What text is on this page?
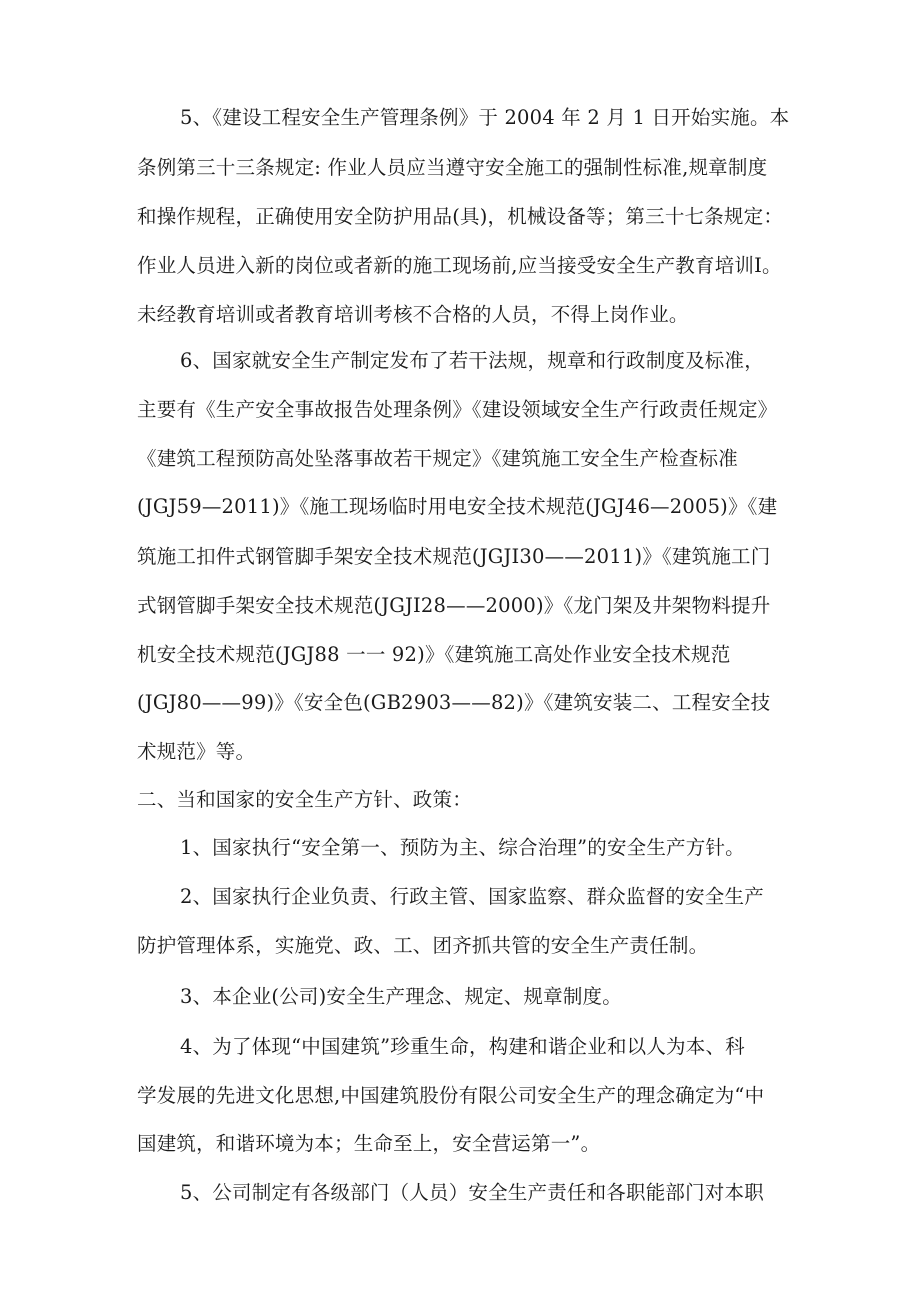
5、《建设工程安全生产管理条例》于 2004 年 2 月 1 日开始实施。本

条例第三十三条规定: 作业人员应当遵守安全施工的强制性标准,规章制度

和操作规程，正确使用安全防护用品(具)，机械设备等；第三十七条规定：

作业人员进入新的岗位或者新的施工现场前,应当接受安全生产教育培训Ⅰ。

未经教育培训或者教育培训考核不合格的人员，不得上岗作业。

6、国家就安全生产制定发布了若干法规，规章和行政制度及标准，

主要有《生产安全事故报告处理条例》《建设领域安全生产行政责任规定》

《建筑工程预防高处坠落事故若干规定》《建筑施工安全生产检查标准

(JGJ59—2011)》《施工现场临时用电安全技术规范(JGJ46—2005)》《建

筑施工扣件式钢管脚手架安全技术规范(JGJI30——2011)》《建筑施工门

式钢管脚手架安全技术规范(JGJI28——2000)》《龙门架及井架物料提升

机安全技术规范(JGJ88 一一 92)》《建筑施工高处作业安全技术规范

(JGJ80——99)》《安全色(GB2903——82)》《建筑安装二、工程安全技

术规范》等。

二、当和国家的安全生产方针、政策：

1、国家执行“安全第一、预防为主、综合治理”的安全生产方针。

2、国家执行企业负责、行政主管、国家监察、群众监督的安全生产

防护管理体系，实施党、政、工、团齐抓共管的安全生产责任制。

3、本企业(公司)安全生产理念、规定、规章制度。

4、为了体现“中国建筑”珍重生命，构建和谐企业和以人为本、科

学发展的先进文化思想,中国建筑股份有限公司安全生产的理念确定为“中

国建筑，和谐环境为本；生命至上，安全营运第一”。

5、公司制定有各级部门（人员）安全生产责任和各职能部门对本职
